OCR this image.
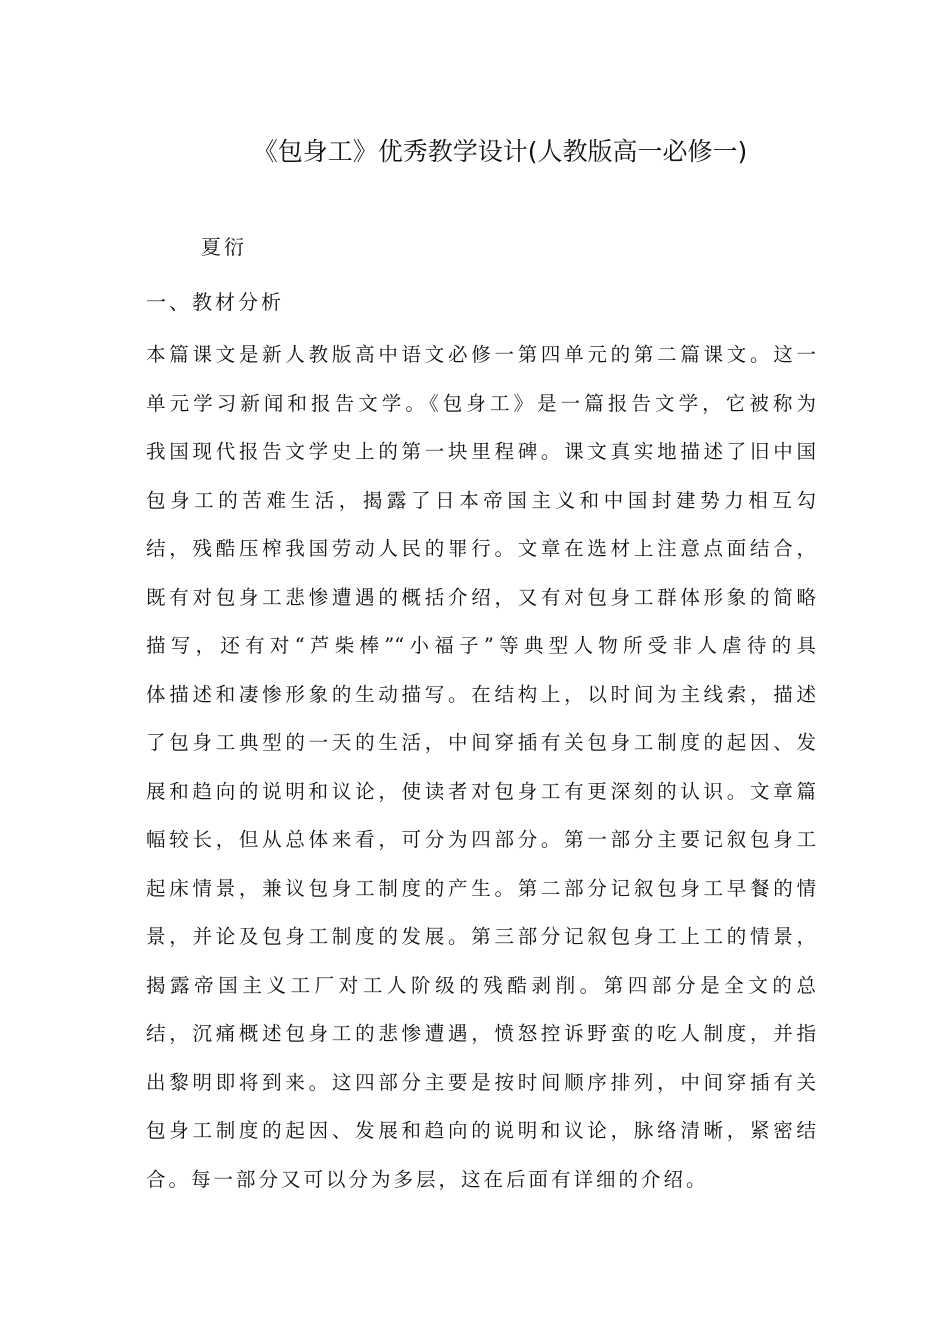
《包身工》优秀教学设计(人教版高一必修一)
夏衍
一、教材分析
本篇课文是新人教版高中语文必修一第四单元的第二篇课文。这一
单元学习新闻和报告文学。《包身工》是一篇报告文学，它被称为
我国现代报告文学史上的第一块里程碑。课文真实地描述了旧中国
包身工的苦难生活，揭露了日本帝国主义和中国封建势力相互勾
结，残酷压榨我国劳动人民的罪行。文章在选材上注意点面结合，
既有对包身工悲惨遭遇的概括介绍，又有对包身工群体形象的简略
描写，还有对“芦柴棒”“小福子”等典型人物所受非人虐待的具
体描述和凄惨形象的生动描写。在结构上，以时间为主线索，描述
了包身工典型的一天的生活，中间穿插有关包身工制度的起因、发
展和趋向的说明和议论，使读者对包身工有更深刻的认识。文章篇
幅较长，但从总体来看，可分为四部分。第一部分主要记叙包身工
起床情景，兼议包身工制度的产生。第二部分记叙包身工早餐的情
景，并论及包身工制度的发展。第三部分记叙包身工上工的情景，
揭露帝国主义工厂对工人阶级的残酷剥削。第四部分是全文的总
结，沉痛概述包身工的悲惨遭遇，愤怒控诉野蛮的吃人制度，并指
出黎明即将到来。这四部分主要是按时间顺序排列，中间穿插有关
包身工制度的起因、发展和趋向的说明和议论，脉络清晰，紧密结
合。每一部分又可以分为多层，这在后面有详细的介绍。
